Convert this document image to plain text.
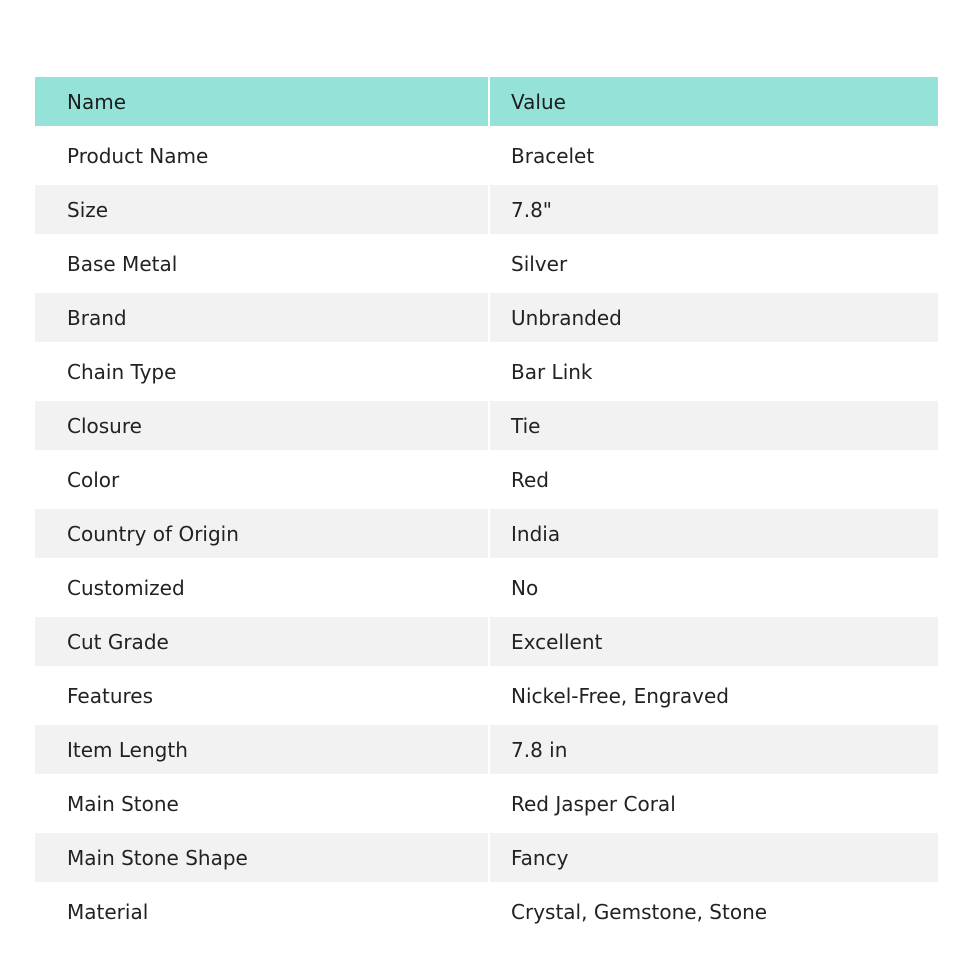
Name	Value
Product Name	Bracelet
Size	7.8"
Base Metal	Silver
Brand	Unbranded
Chain Type	Bar Link
Closure	Tie
Color	Red
Country of Origin	India
Customized	No
Cut Grade	Excellent
Features	Nickel-Free, Engraved
Item Length	7.8 in
Main Stone	Red Jasper Coral
Main Stone Shape	Fancy
Material	Crystal, Gemstone, Stone
